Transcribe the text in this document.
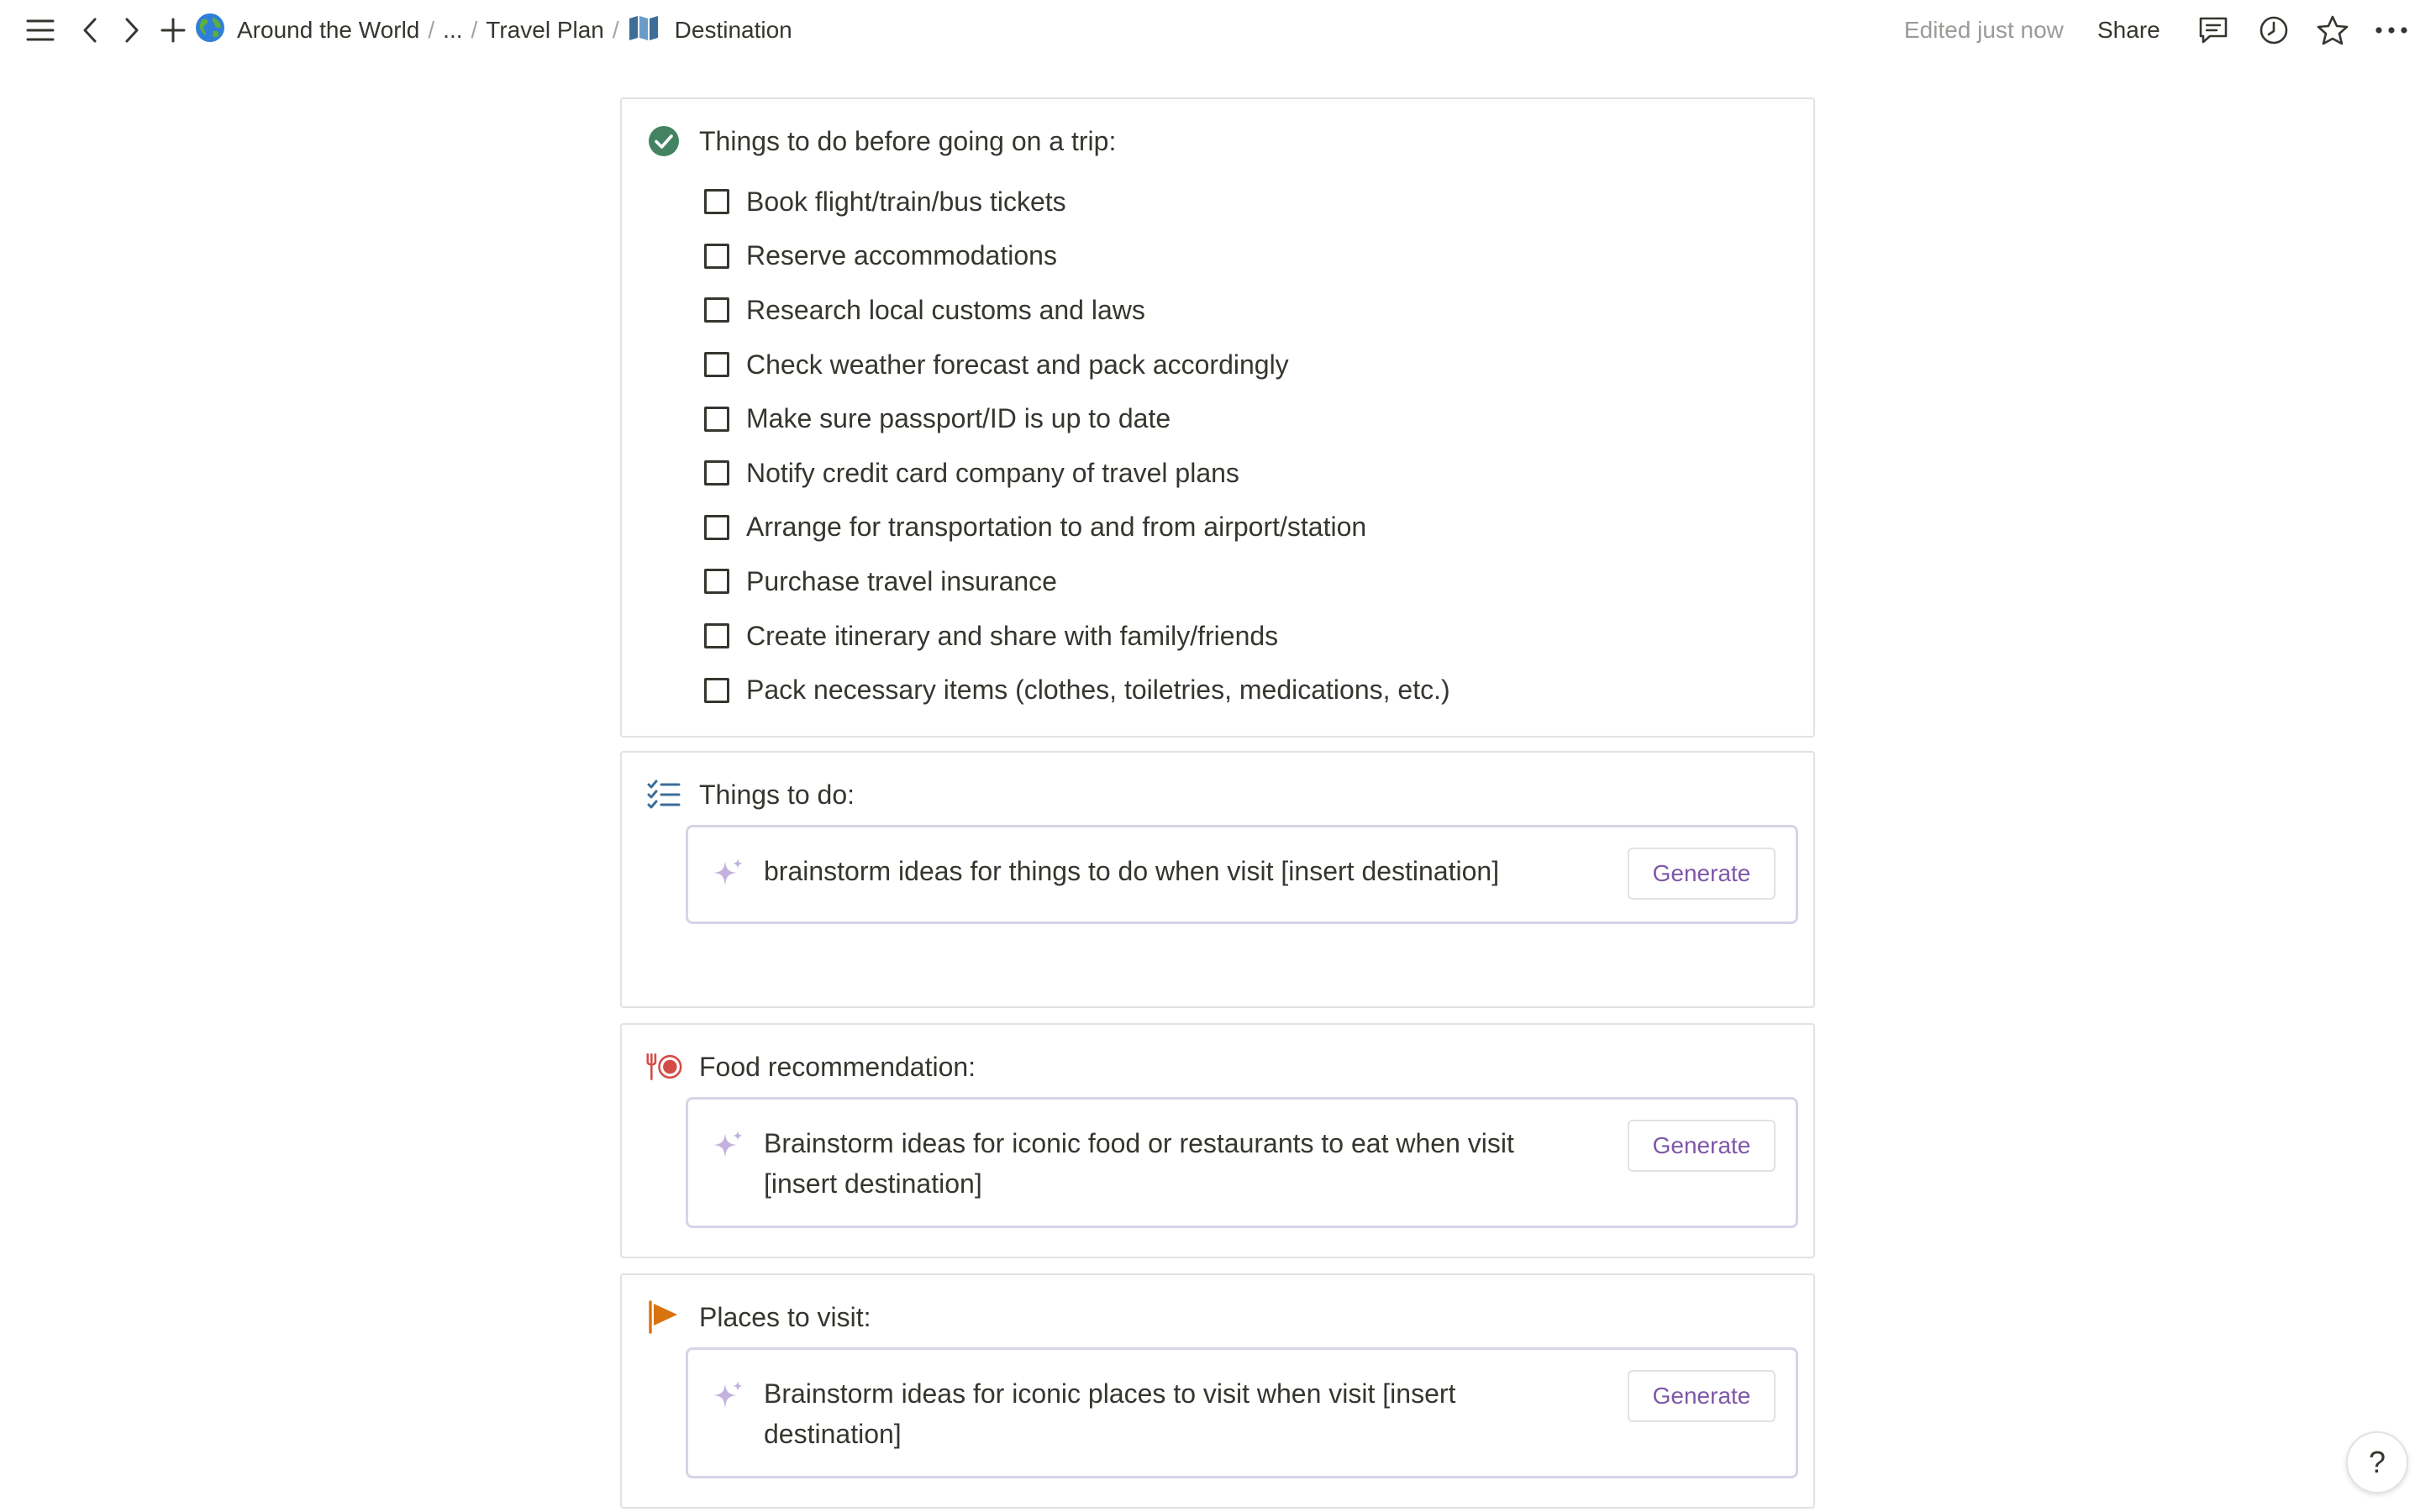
Around the World / ... / Travel Plan / Destination	Edited just now Share
Things to do before going on a trip:
Book flight/train/bus tickets
Reserve accommodations
Research local customs and laws
Check weather forecast and pack accordingly
Make sure passport/ID is up to date
Notify credit card company of travel plans
Arrange for transportation to and from airport/station
Purchase travel insurance
Create itinerary and share with family/friends
Pack necessary items (clothes, toiletries, medications, etc.)
Things to do:
brainstorm ideas for things to do when visit [insert destination]	Generate
Food recommendation:
Brainstorm ideas for iconic food or restaurants to eat when visit [insert destination]
Generate
Places to visit:
Brainstorm ideas for iconic places to visit when visit [insert destination]
Generate
?
